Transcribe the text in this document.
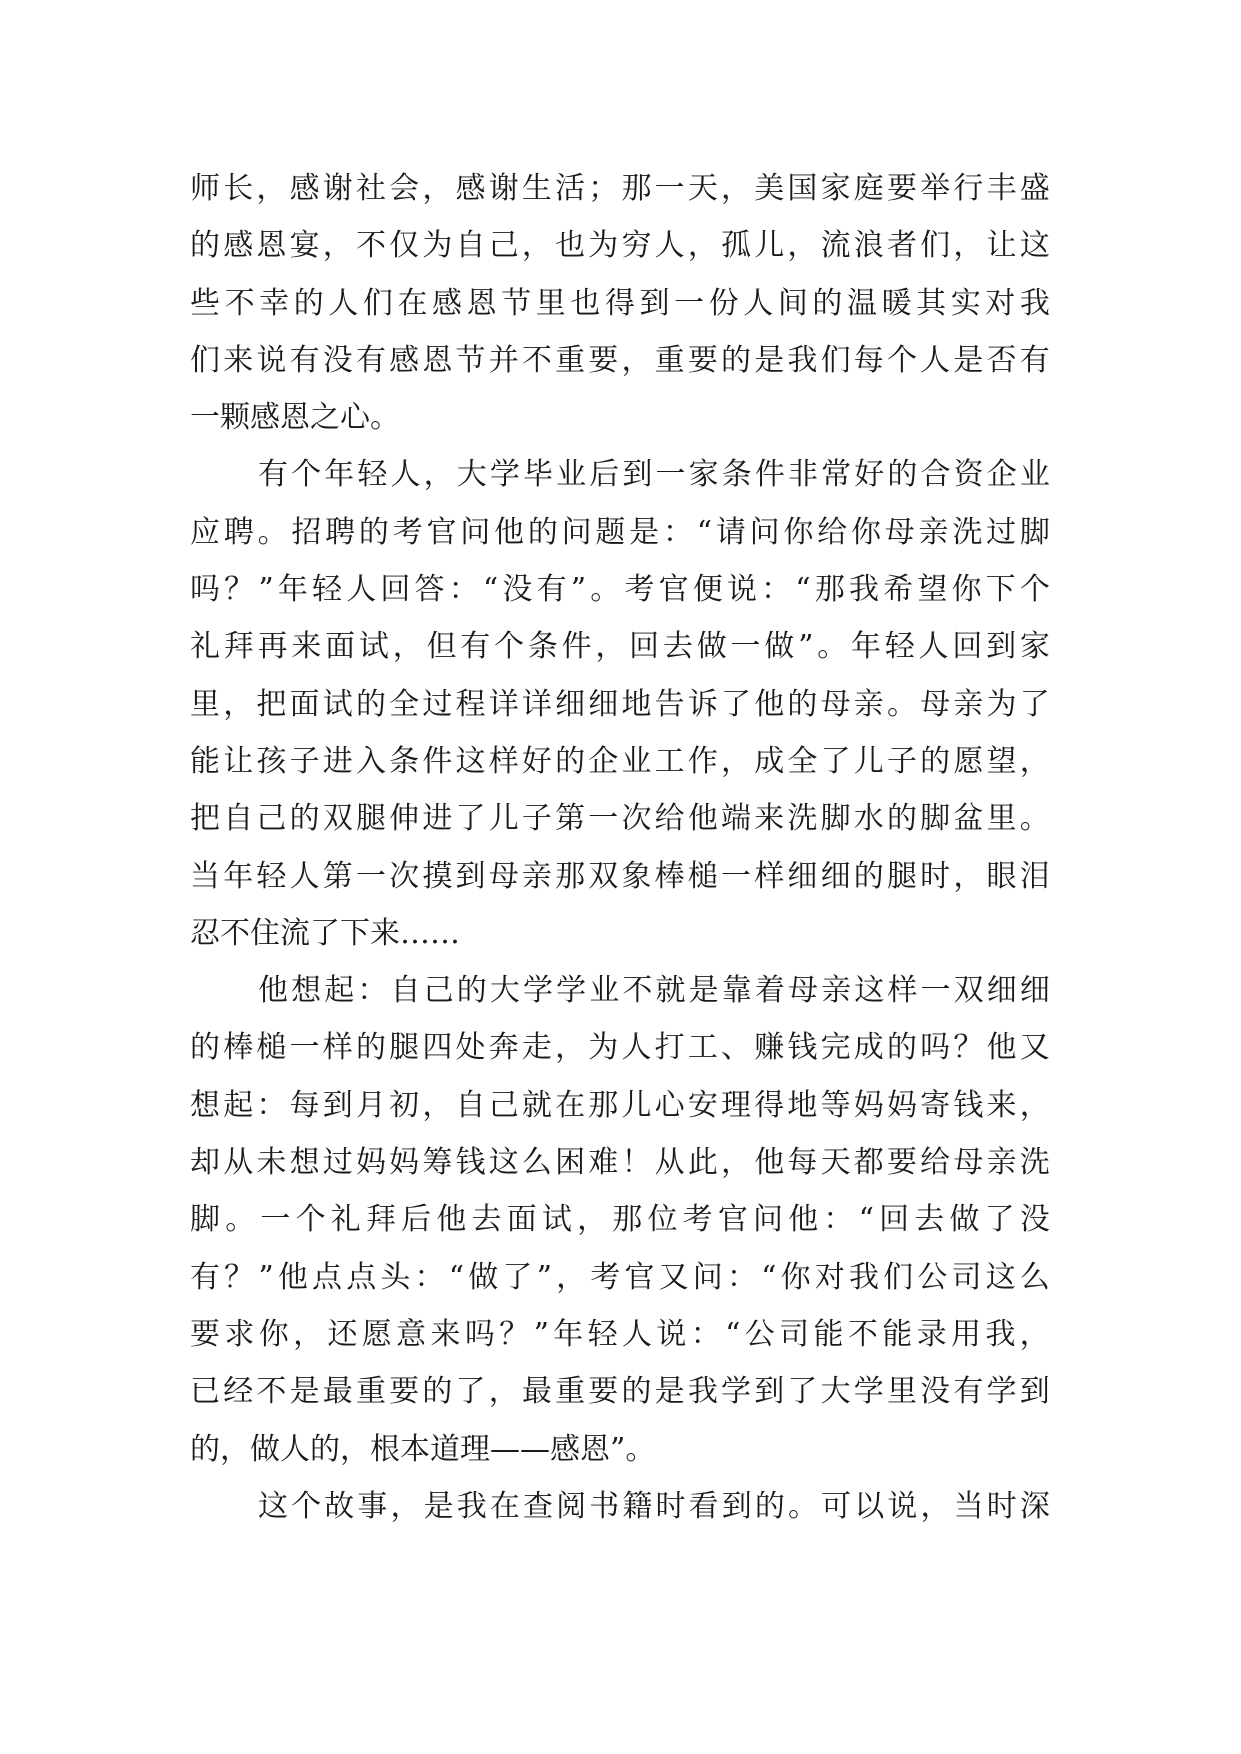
师 长 ， 感 谢 社 会 ， 感 谢 生 活 ； 那 一 天 ， 美 国 家 庭 要 举 行 丰 盛
的 感 恩 宴 ， 不 仅 为 自 己 ， 也 为 穷 人 ， 孤 儿 ， 流 浪 者 们 ， 让 这
些 不 幸 的 人 们 在 感 恩 节 里 也 得 到 一 份 人 间 的 温 暖 其 实 对 我
们 来 说 有 没 有 感 恩 节 并 不 重 要 ， 重 要 的 是 我 们 每 个 人 是 否 有
一颗感恩之心。
有 个 年 轻 人 ， 大 学 毕 业 后 到 一 家 条 件 非 常 好 的 合 资 企 业
应 聘 。 招 聘 的 考 官 问 他 的 问 题 是 ： “ 请 问 你 给 你 母 亲 洗 过 脚
吗 ？ ” 年 轻 人 回 答 ： “ 没 有 ” 。 考 官 便 说 ： “ 那 我 希 望 你 下 个
礼 拜 再 来 面 试 ， 但 有 个 条 件 ， 回 去 做 一 做 ” 。 年 轻 人 回 到 家
里 ， 把 面 试 的 全 过 程 详 详 细 细 地 告 诉 了 他 的 母 亲 。 母 亲 为 了
能 让 孩 子 进 入 条 件 这 样 好 的 企 业 工 作 ， 成 全 了 儿 子 的 愿 望 ，
把 自 己 的 双 腿 伸 进 了 儿 子 第 一 次 给 他 端 来 洗 脚 水 的 脚 盆 里 。
当 年 轻 人 第 一 次 摸 到 母 亲 那 双 象 棒 槌 一 样 细 细 的 腿 时 ， 眼 泪
忍不住流了下来……
他 想 起 ： 自 己 的 大 学 学 业 不 就 是 靠 着 母 亲 这 样 一 双 细 细
的 棒 槌 一 样 的 腿 四 处 奔 走 ， 为 人 打 工 、 赚 钱 完 成 的 吗 ？ 他 又
想 起 ： 每 到 月 初 ， 自 己 就 在 那 儿 心 安 理 得 地 等 妈 妈 寄 钱 来 ，
却 从 未 想 过 妈 妈 筹 钱 这 么 困 难 ！ 从 此 ， 他 每 天 都 要 给 母 亲 洗
脚 。 一 个 礼 拜 后 他 去 面 试 ， 那 位 考 官 问 他 ： “ 回 去 做 了 没
有 ？ ” 他 点 点 头 ： “ 做 了 ” ， 考 官 又 问 ： “ 你 对 我 们 公 司 这 么
要 求 你 ， 还 愿 意 来 吗 ？ ” 年 轻 人 说 ： “ 公 司 能 不 能 录 用 我 ，
已 经 不 是 最 重 要 的 了 ， 最 重 要 的 是 我 学 到 了 大 学 里 没 有 学 到
的，做人的，根本道理——感恩”。
这 个 故 事 ， 是 我 在 查 阅 书 籍 时 看 到 的 。 可 以 说 ， 当 时 深
